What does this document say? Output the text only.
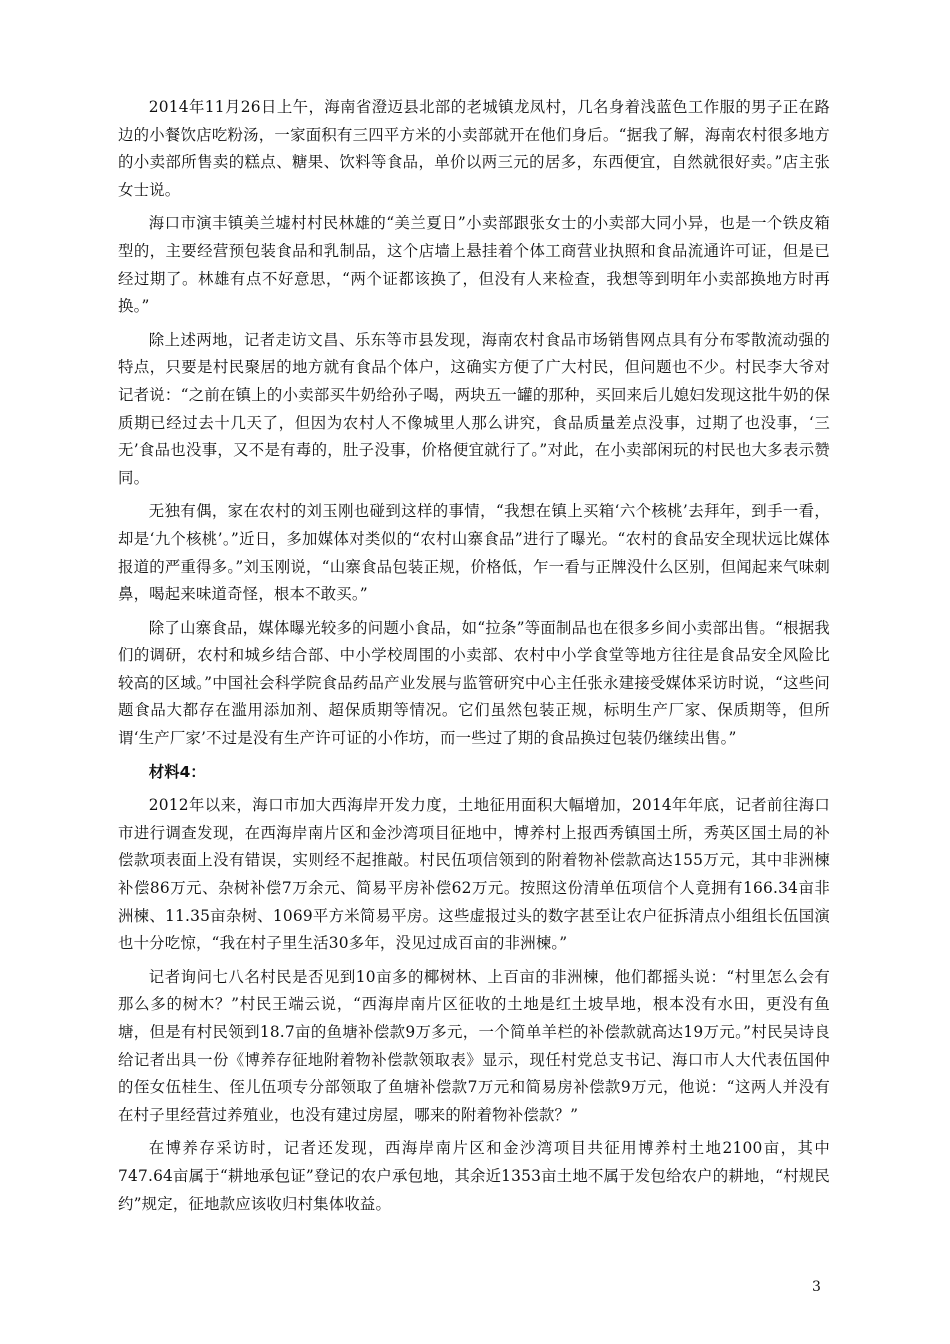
2014年11月26日上午，海南省澄迈县北部的老城镇龙凤村，几名身着浅蓝色工作服的男子正在路边的小餐饮店吃粉汤，一家面积有三四平方米的小卖部就开在他们身后。“据我了解，海南农村很多地方的小卖部所售卖的糕点、糖果、饮料等食品，单价以两三元的居多，东西便宜，自然就很好卖。”店主张女士说。

海口市演丰镇美兰墟村村民林雄的“美兰夏日”小卖部跟张女士的小卖部大同小异，也是一个铁皮箱型的，主要经营预包装食品和乳制品，这个店墙上悬挂着个体工商营业执照和食品流通许可证，但是已经过期了。林雄有点不好意思，“两个证都该换了，但没有人来检查，我想等到明年小卖部换地方时再换。”

除上述两地，记者走访文昌、乐东等市县发现，海南农村食品市场销售网点具有分布零散流动强的特点，只要是村民聚居的地方就有食品个体户，这确实方便了广大村民，但问题也不少。村民李大爷对记者说：“之前在镇上的小卖部买牛奶给孙子喝，两块五一罐的那种，买回来后儿媳妇发现这批牛奶的保质期已经过去十几天了，但因为农村人不像城里人那么讲究，食品质量差点没事，过期了也没事，‘三无’食品也没事，又不是有毒的，肚子没事，价格便宜就行了。”对此，在小卖部闲玩的村民也大多表示赞同。

无独有偶，家在农村的刘玉刚也碰到这样的事情，“我想在镇上买箱‘六个核桃’去拜年，到手一看，却是‘九个核桃’。”近日，多加媒体对类似的“农村山寨食品”进行了曝光。“农村的食品安全现状远比媒体报道的严重得多。”刘玉刚说，“山寨食品包装正规，价格低，乍一看与正牌没什么区别，但闻起来气味刺鼻，喝起来味道奇怪，根本不敢买。”

除了山寨食品，媒体曝光较多的问题小食品，如“拉条”等面制品也在很多乡间小卖部出售。“根据我们的调研，农村和城乡结合部、中小学校周围的小卖部、农村中小学食堂等地方往往是食品安全风险比较高的区域。”中国社会科学院食品药品产业发展与监管研究中心主任张永建接受媒体采访时说，“这些问题食品大都存在滥用添加剂、超保质期等情况。它们虽然包装正规，标明生产厂家、保质期等，但所谓‘生产厂家’不过是没有生产许可证的小作坊，而一些过了期的食品换过包装仍继续出售。”

材料4：

2012年以来，海口市加大西海岸开发力度，土地征用面积大幅增加，2014年年底，记者前往海口市进行调查发现，在西海岸南片区和金沙湾项目征地中，博养村上报西秀镇国土所，秀英区国土局的补偿款项表面上没有错误，实则经不起推敲。村民伍项信领到的附着物补偿款高达155万元，其中非洲楝补偿86万元、杂树补偿7万余元、简易平房补偿62万元。按照这份清单伍项信个人竟拥有166.34亩非洲楝、11.35亩杂树、1069平方米简易平房。这些虚报过头的数字甚至让农户征拆清点小组组长伍国演也十分吃惊，“我在村子里生活30多年，没见过成百亩的非洲楝。”

记者询问七八名村民是否见到10亩多的椰树林、上百亩的非洲楝，他们都摇头说：“村里怎么会有那么多的树木？”村民王端云说，“西海岸南片区征收的土地是红土坡旱地，根本没有水田，更没有鱼塘，但是有村民领到18.7亩的鱼塘补偿款9万多元，一个简单羊栏的补偿款就高达19万元。”村民吴诗良给记者出具一份《博养存征地附着物补偿款领取表》显示，现任村党总支书记、海口市人大代表伍国仲的侄女伍桂生、侄儿伍项专分部领取了鱼塘补偿款7万元和简易房补偿款9万元，他说：“这两人并没有在村子里经营过养殖业，也没有建过房屋，哪来的附着物补偿款？”

在博养存采访时，记者还发现，西海岸南片区和金沙湾项目共征用博养村土地2100亩，其中747.64亩属于“耕地承包证”登记的农户承包地，其余近1353亩土地不属于发包给农户的耕地，“村规民约”规定，征地款应该收归村集体收益。

3
